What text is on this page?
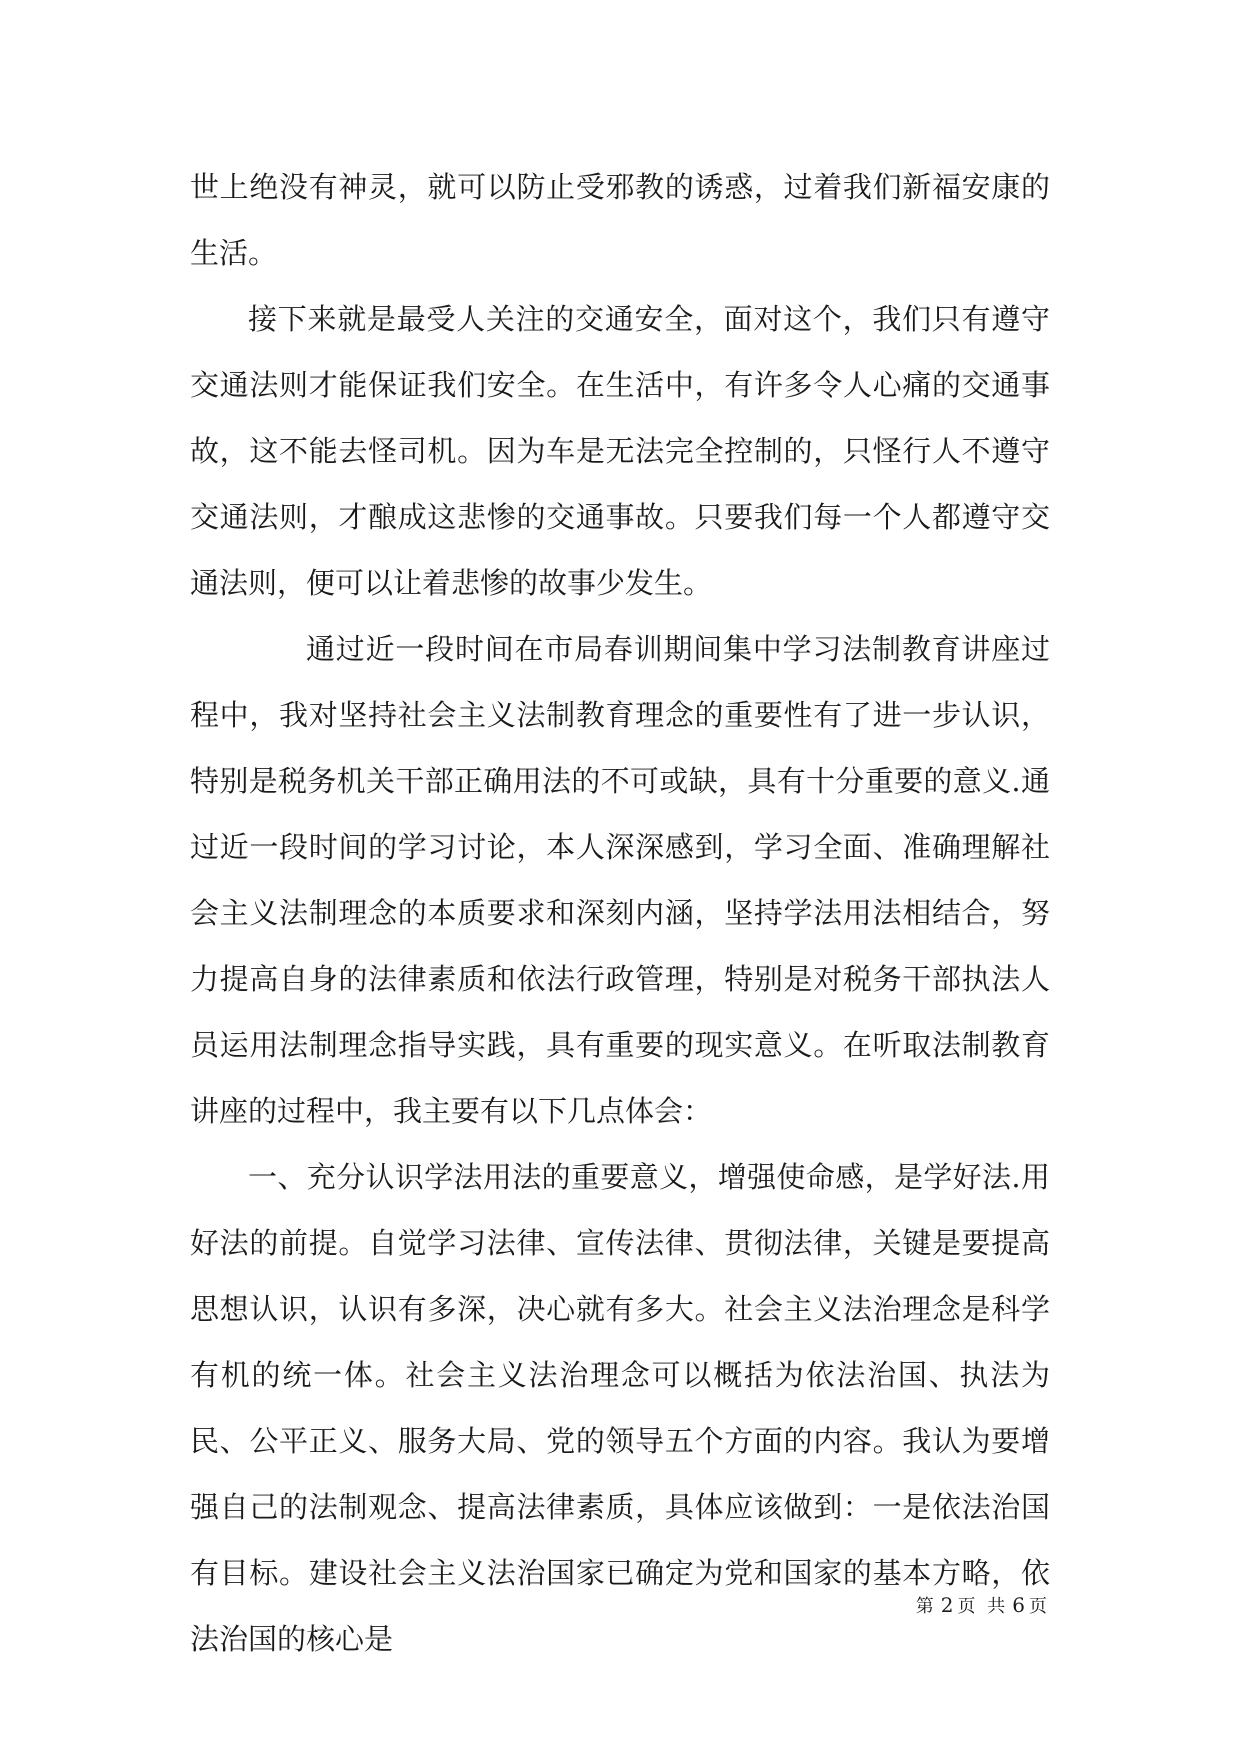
世上绝没有神灵，就可以防止受邪教的诱惑，过着我们新福安康的生活。

接下来就是最受人关注的交通安全，面对这个，我们只有遵守交通法则才能保证我们安全。在生活中，有许多令人心痛的交通事故，这不能去怪司机。因为车是无法完全控制的，只怪行人不遵守交通法则，才酿成这悲惨的交通事故。只要我们每一个人都遵守交通法则，便可以让着悲惨的故事少发生。

通过近一段时间在市局春训期间集中学习法制教育讲座过程中，我对坚持社会主义法制教育理念的重要性有了进一步认识，特别是税务机关干部正确用法的不可或缺，具有十分重要的意义.通过近一段时间的学习讨论，本人深深感到，学习全面、准确理解社会主义法制理念的本质要求和深刻内涵，坚持学法用法相结合，努力提高自身的法律素质和依法行政管理，特别是对税务干部执法人员运用法制理念指导实践，具有重要的现实意义。在听取法制教育讲座的过程中，我主要有以下几点体会：

一、充分认识学法用法的重要意义，增强使命感，是学好法.用好法的前提。自觉学习法律、宣传法律、贯彻法律，关键是要提高思想认识，认识有多深，决心就有多大。社会主义法治理念是科学有机的统一体。社会主义法治理念可以概括为依法治国、执法为民、公平正义、服务大局、党的领导五个方面的内容。我认为要增强自己的法制观念、提高法律素质，具体应该做到：一是依法治国有目标。建设社会主义法治国家已确定为党和国家的基本方略，依法治国的核心是

第 2 页 共 6 页
